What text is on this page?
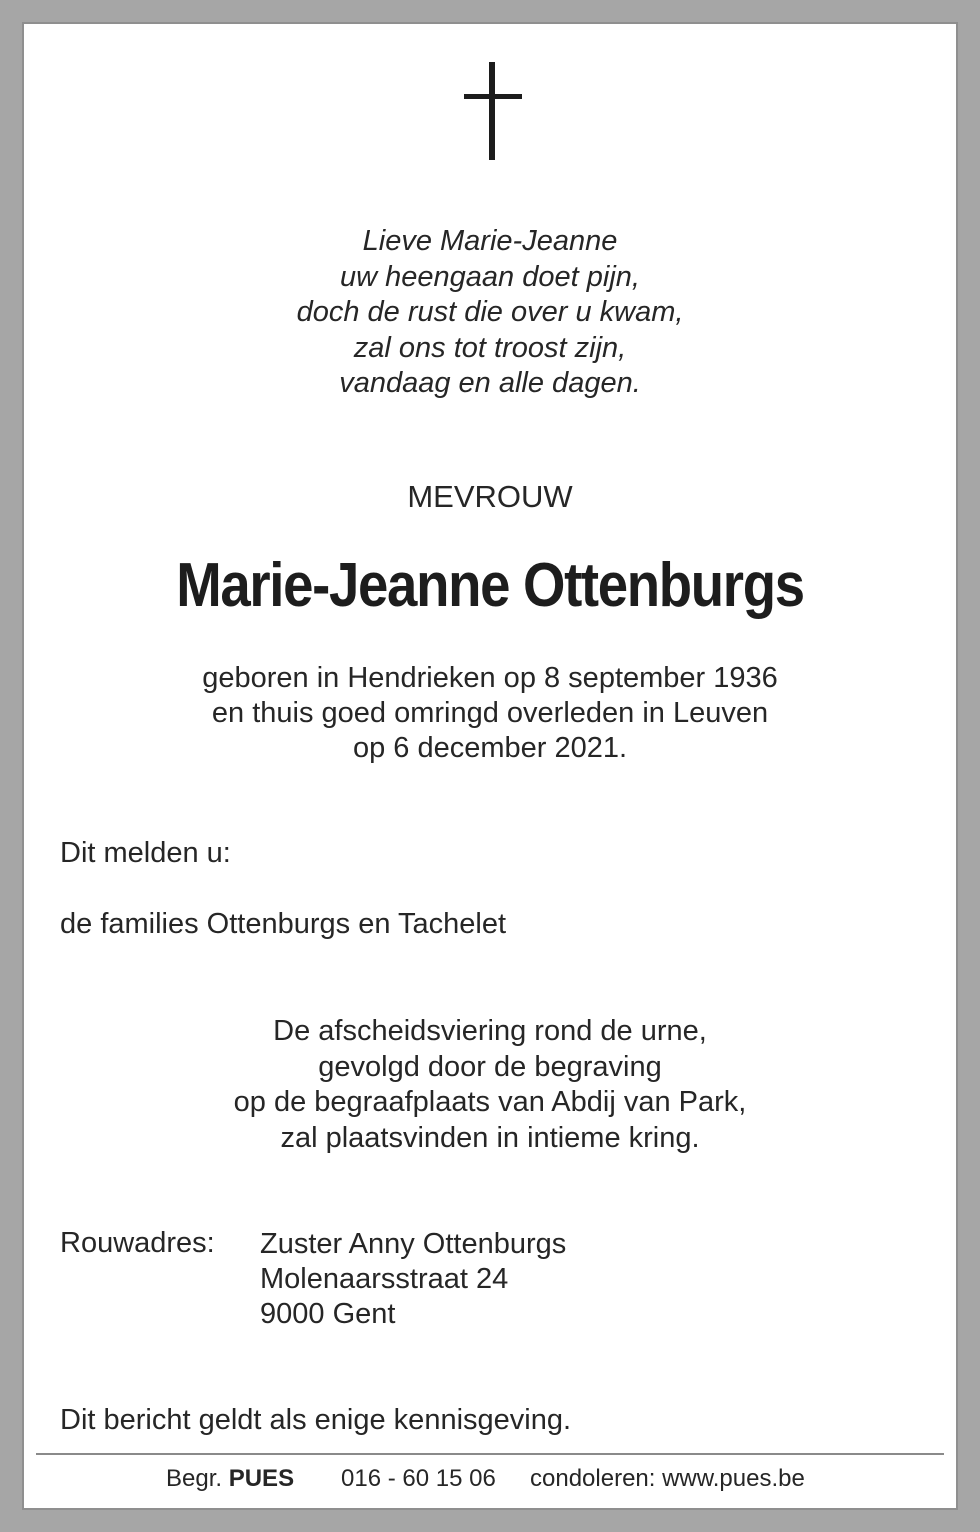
Lieve Marie-Jeanne
uw heengaan doet pijn,
doch de rust die over u kwam,
zal ons tot troost zijn,
vandaag en alle dagen.
MEVROUW
Marie-Jeanne Ottenburgs
geboren in Hendrieken op 8 september 1936
en thuis goed omringd overleden in Leuven
op 6 december 2021.
Dit melden u:
de families Ottenburgs en Tachelet
De afscheidsviering rond de urne,
gevolgd door de begraving
op de begraafplaats van Abdij van Park,
zal plaatsvinden in intieme kring.
Rouwadres: Zuster Anny Ottenburgs
Molenaarsstraat 24
9000 Gent
Dit bericht geldt als enige kennisgeving.
Begr. PUES 016 - 60 15 06 condoleren: www.pues.be
